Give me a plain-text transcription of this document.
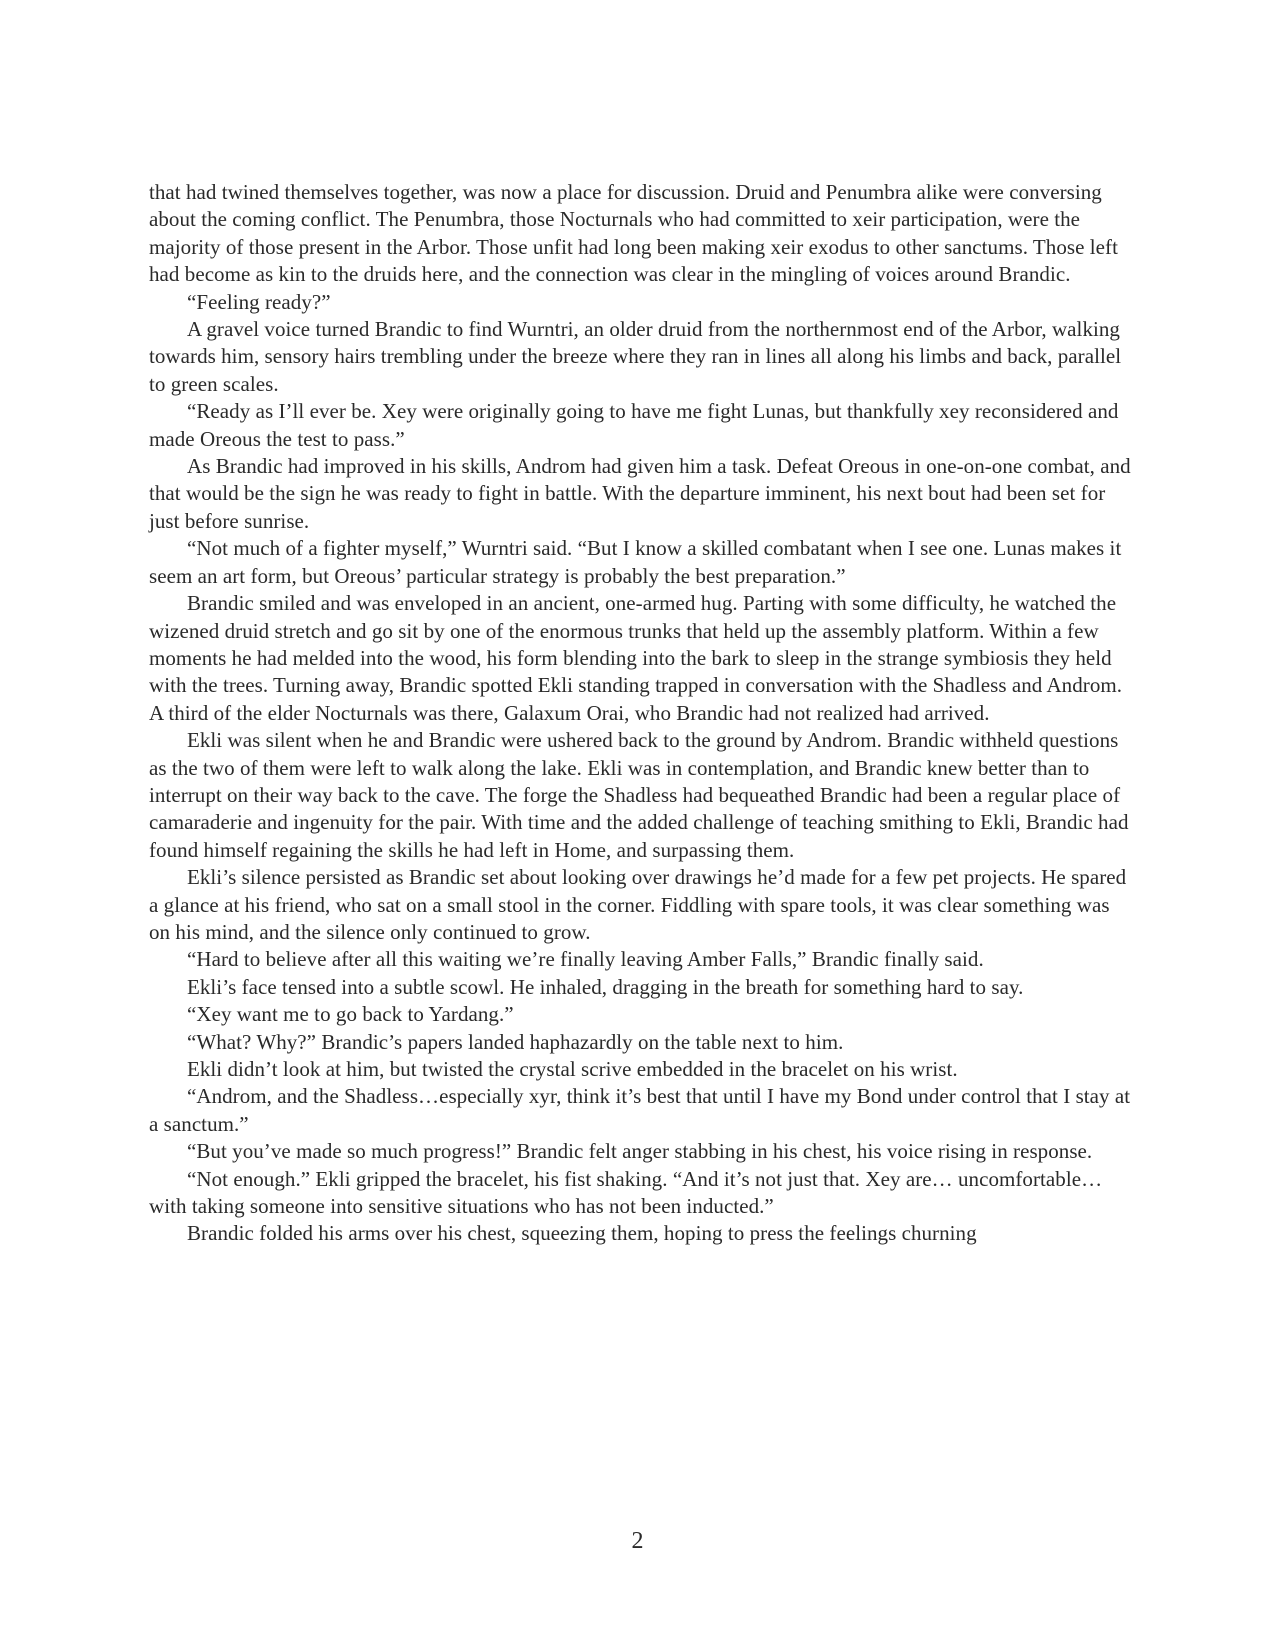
that had twined themselves together, was now a place for discussion. Druid and Penumbra alike were conversing about the coming conflict. The Penumbra, those Nocturnals who had committed to xeir participation, were the majority of those present in the Arbor. Those unfit had long been making xeir exodus to other sanctums. Those left had become as kin to the druids here, and the connection was clear in the mingling of voices around Brandic.

“Feeling ready?”

A gravel voice turned Brandic to find Wurntri, an older druid from the northernmost end of the Arbor, walking towards him, sensory hairs trembling under the breeze where they ran in lines all along his limbs and back, parallel to green scales.

“Ready as I’ll ever be. Xey were originally going to have me fight Lunas, but thankfully xey reconsidered and made Oreous the test to pass.”

As Brandic had improved in his skills, Androm had given him a task. Defeat Oreous in one-on-one combat, and that would be the sign he was ready to fight in battle. With the departure imminent, his next bout had been set for just before sunrise.

“Not much of a fighter myself,” Wurntri said. “But I know a skilled combatant when I see one. Lunas makes it seem an art form, but Oreous’ particular strategy is probably the best preparation.”

Brandic smiled and was enveloped in an ancient, one-armed hug. Parting with some difficulty, he watched the wizened druid stretch and go sit by one of the enormous trunks that held up the assembly platform. Within a few moments he had melded into the wood, his form blending into the bark to sleep in the strange symbiosis they held with the trees. Turning away, Brandic spotted Ekli standing trapped in conversation with the Shadless and Androm. A third of the elder Nocturnals was there, Galaxum Orai, who Brandic had not realized had arrived.

Ekli was silent when he and Brandic were ushered back to the ground by Androm. Brandic withheld questions as the two of them were left to walk along the lake. Ekli was in contemplation, and Brandic knew better than to interrupt on their way back to the cave. The forge the Shadless had bequeathed Brandic had been a regular place of camaraderie and ingenuity for the pair. With time and the added challenge of teaching smithing to Ekli, Brandic had found himself regaining the skills he had left in Home, and surpassing them.

Ekli’s silence persisted as Brandic set about looking over drawings he’d made for a few pet projects. He spared a glance at his friend, who sat on a small stool in the corner. Fiddling with spare tools, it was clear something was on his mind, and the silence only continued to grow.

“Hard to believe after all this waiting we’re finally leaving Amber Falls,” Brandic finally said.

Ekli’s face tensed into a subtle scowl. He inhaled, dragging in the breath for something hard to say.

“Xey want me to go back to Yardang.”

“What? Why?” Brandic’s papers landed haphazardly on the table next to him.

Ekli didn’t look at him, but twisted the crystal scrive embedded in the bracelet on his wrist.

“Androm, and the Shadless…especially xyr, think it’s best that until I have my Bond under control that I stay at a sanctum.”

“But you’ve made so much progress!” Brandic felt anger stabbing in his chest, his voice rising in response.

“Not enough.” Ekli gripped the bracelet, his fist shaking. “And it’s not just that. Xey are… uncomfortable…with taking someone into sensitive situations who has not been inducted.”

Brandic folded his arms over his chest, squeezing them, hoping to press the feelings churning

2
